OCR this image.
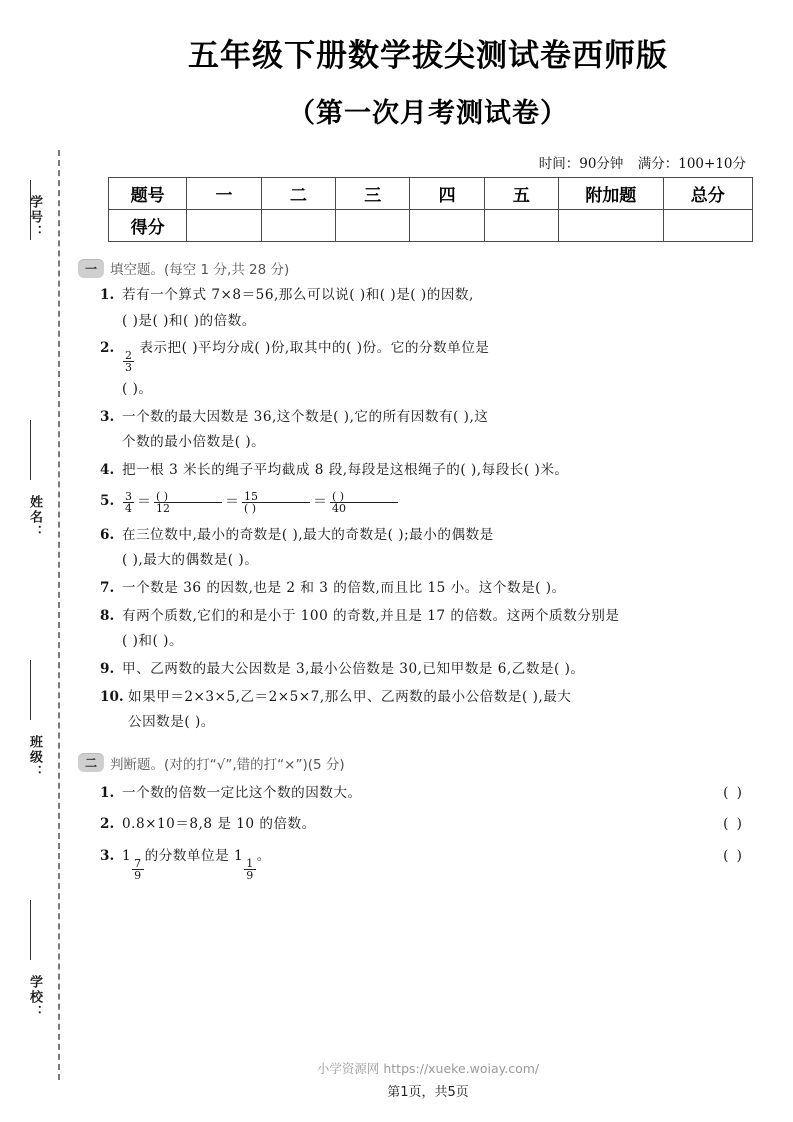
学号：
姓名：
班级：
学校：
五年级下册数学拔尖测试卷西师版
（第一次月考测试卷）
时间：90分钟 满分：100+10分
题号	一	二	三	四	五	附加题	总分
得分							
一 填空题。(每空 1 分,共 28 分)
1. 若有一个算式 7×8＝56,那么可以说( )和( )是( )的因数,
( )是( )和( )的倍数。
2.
$\frac{2}{3}$
表示把( )平均分成( )份,取其中的( )份。它的分数单位是
( )。
3. 一个数的最大因数是 36,这个数是( ),它的所有因数有( ),这
个数的最小倍数是( )。
4. 把一根 3 米长的绳子平均截成 8 段,每段是这根绳子的( ),每段长( )米。
5. $\frac{3}{4} = \frac{( )}{12} = \frac{15}{( )} = \frac{( )}{40}$
6. 在三位数中,最小的奇数是( ),最大的奇数是( );最小的偶数是
( ),最大的偶数是( )。
7. 一个数是 36 的因数,也是 2 和 3 的倍数,而且比 15 小。这个数是( )。
8. 有两个质数,它们的和是小于 100 的奇数,并且是 17 的倍数。这两个质数分别是
( )和( )。
9. 甲、乙两数的最大公因数是 3,最小公倍数是 30,已知甲数是 6,乙数是( )。
10. 如果甲＝2×3×5,乙＝2×5×7,那么甲、乙两数的最小公倍数是( ),最大
公因数是( )。
二 判断题。(对的打“√”,错的打“×”)(5 分)
1. 一个数的倍数一定比这个数的因数大。	( )
2. 0.8×10＝8,8 是 10 的倍数。	( )
3. 1
$\frac{7}{9}$
的分数单位是 1
$\frac{1}{9}$
。	( )
小学资源网 https://xueke.woiay.com/
第1页，共5页
